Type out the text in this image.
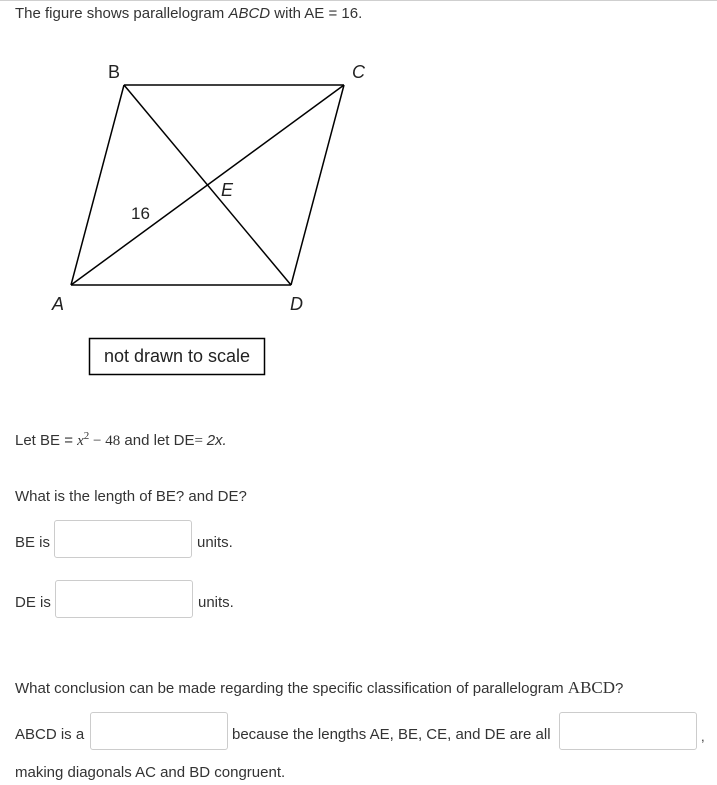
The figure shows parallelogram ABCD with AE = 16.
B	C
A	D
E
16
not drawn to scale
Let BE = $x^2 - 48$ and let DE= 2x.
What is the length of BE? and DE?
BE is	units.
DE is	units.
What conclusion can be made regarding the specific classification of parallelogram ABCD?
ABCD is a	because the lengths AE, BE, CE, and DE are all	,
making diagonals AC and BD congruent.
